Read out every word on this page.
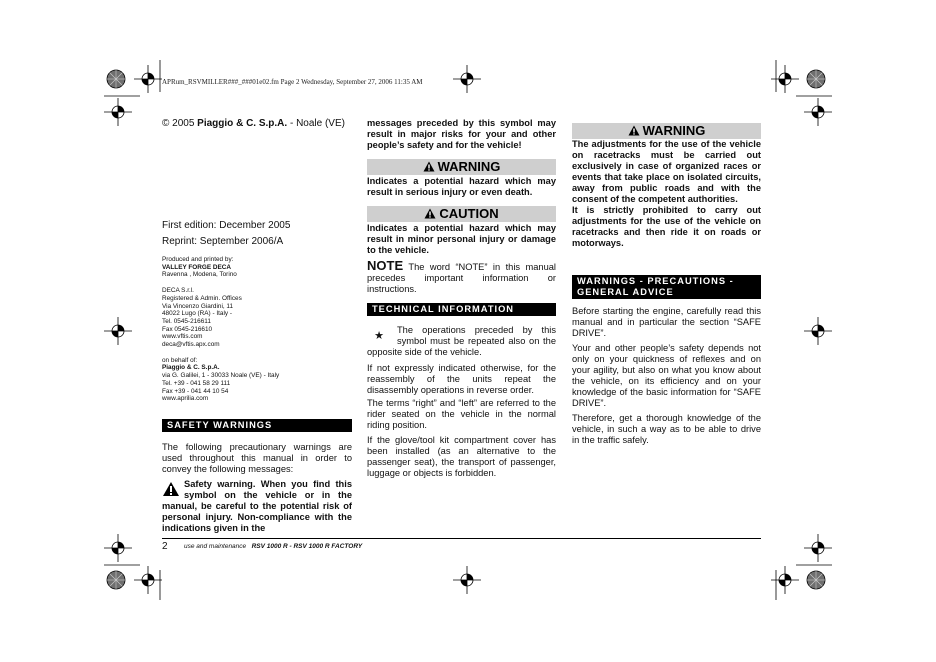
APRum_RSVMILLER###_###01e02.fm Page 2 Wednesday, September 27, 2006 11:35 AM
© 2005 Piaggio & C. S.p.A. - Noale (VE)
First edition: December 2005
Reprint: September 2006/A
Produced and printed by:
VALLEY FORGE DECA
Ravenna , Modena, Torino
DECA S.r.l.
Registered & Admin. Offices
Via Vincenzo Giardini, 11
48022 Lugo (RA) - Italy -
Tel. 0545-216611
Fax 0545-216610
www.vftis.com
deca@vftis.apx.com
on behalf of:
Piaggio & C. S.p.A.
via G. Galilei, 1 - 30033 Noale (VE) - Italy
Tel. +39 - 041 58 29 111
Fax +39 - 041 44 10 54
www.aprilia.com
SAFETY WARNINGS
The following precautionary warnings are used throughout this manual in order to convey the following messages:
Safety warning. When you find this symbol on the vehicle or in the manual, be careful to the potential risk of personal injury. Non-compliance with the indications given in the
messages preceded by this symbol may result in major risks for your and other people’s safety and for the vehicle!
WARNING
Indicates a potential hazard which may result in serious injury or even death.
CAUTION
Indicates a potential hazard which may result in minor personal injury or damage to the vehicle.
NOTE The word “NOTE” in this manual precedes important information or instructions.
TECHNICAL INFORMATION
★	The operations preceded by this symbol must be repeated also on the opposite side of the vehicle.
If not expressly indicated otherwise, for the reassembly of the units repeat the disassembly operations in reverse order.
The terms “right” and “left” are referred to the rider seated on the vehicle in the normal riding position.
If the glove/tool kit compartment cover has been installed (as an alternative to the passenger seat), the transport of passenger, luggage or objects is forbidden.
WARNING
The adjustments for the use of the vehicle on racetracks must be carried out exclusively in case of organized races or events that take place on isolated circuits, away from public roads and with the consent of the competent authorities.
It is strictly prohibited to carry out adjustments for the use of the vehicle on racetracks and then ride it on roads or motorways.
WARNINGS - PRECAUTIONS - GENERAL ADVICE
Before starting the engine, carefully read this manual and in particular the section “SAFE DRIVE”.
Your and other people’s safety depends not only on your quickness of reflexes and on your agility, but also on what you know about the vehicle, on its efficiency and on your knowledge of the basic information for “SAFE DRIVE”.
Therefore, get a thorough knowledge of the vehicle, in such a way as to be able to drive in the traffic safely.
2	use and maintenance RSV 1000 R - RSV 1000 R FACTORY
